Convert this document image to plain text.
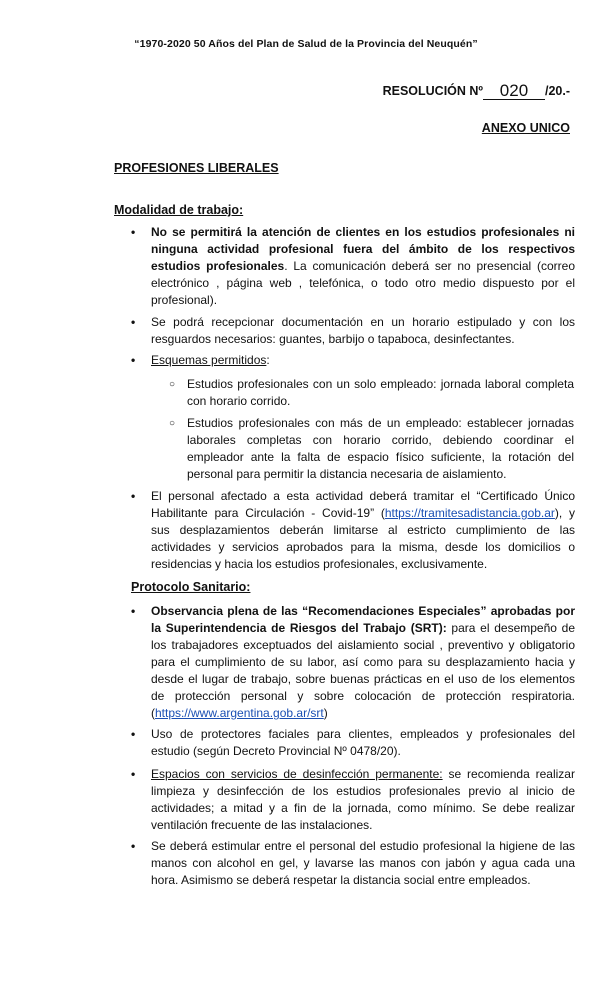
“1970-2020 50 Años del Plan de Salud de la Provincia del Neuquén”
RESOLUCIÓN Nº 020 /20.-
ANEXO UNICO
PROFESIONES LIBERALES
Modalidad de trabajo:
• No se permitirá la atención de clientes en los estudios profesionales ni ninguna actividad profesional fuera del ámbito de los respectivos estudios profesionales. La comunicación deberá ser no presencial (correo electrónico , página web , telefónica, o todo otro medio dispuesto por el profesional).
• Se podrá recepcionar documentación en un horario estipulado y con los resguardos necesarios: guantes, barbijo o tapaboca, desinfectantes.
• Esquemas permitidos:
○ Estudios profesionales con un solo empleado: jornada laboral completa con horario corrido.
○ Estudios profesionales con más de un empleado: establecer jornadas laborales completas con horario corrido, debiendo coordinar el empleador ante la falta de espacio físico suficiente, la rotación del personal para permitir la distancia necesaria de aislamiento.
• El personal afectado a esta actividad deberá tramitar el “Certificado Único Habilitante para Circulación - Covid-19” (https://tramitesadistancia.gob.ar), y sus desplazamientos deberán limitarse al estricto cumplimiento de las actividades y servicios aprobados para la misma, desde los domicilios o residencias y hacia los estudios profesionales, exclusivamente.
Protocolo Sanitario:
• Observancia plena de las “Recomendaciones Especiales” aprobadas por la Superintendencia de Riesgos del Trabajo (SRT): para el desempeño de los trabajadores exceptuados del aislamiento social , preventivo y obligatorio para el cumplimiento de su labor, así como para su desplazamiento hacia y desde el lugar de trabajo, sobre buenas prácticas en el uso de los elementos de protección personal y sobre colocación de protección respiratoria. (https://www.argentina.gob.ar/srt)
• Uso de protectores faciales para clientes, empleados y profesionales del estudio (según Decreto Provincial Nº 0478/20).
• Espacios con servicios de desinfección permanente: se recomienda realizar limpieza y desinfección de los estudios profesionales previo al inicio de actividades; a mitad y a fin de la jornada, como mínimo. Se debe realizar ventilación frecuente de las instalaciones.
• Se deberá estimular entre el personal del estudio profesional la higiene de las manos con alcohol en gel, y lavarse las manos con jabón y agua cada una hora. Asimismo se deberá respetar la distancia social entre empleados.
